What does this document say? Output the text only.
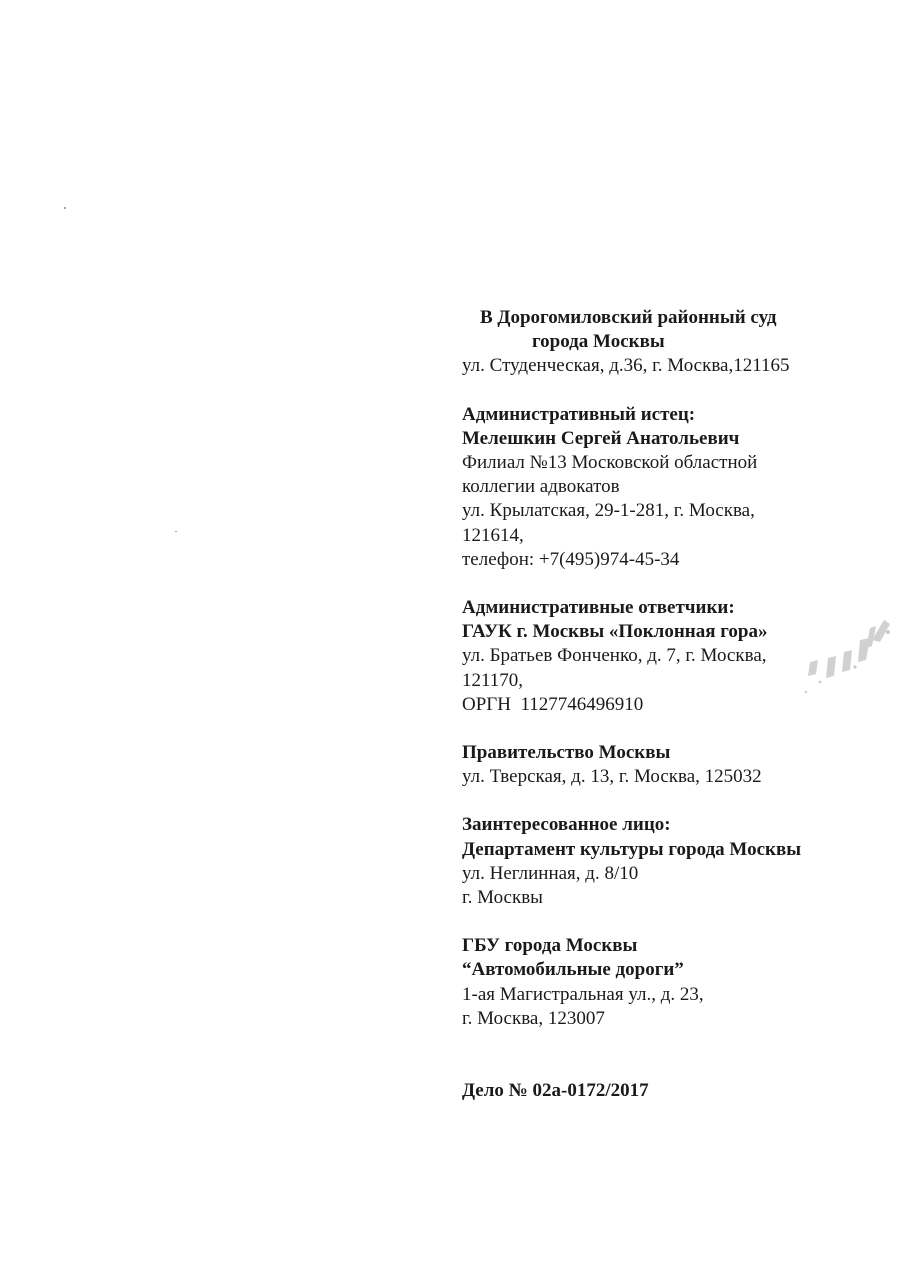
В Дорогомиловский районный суд
города Москвы
ул. Студенческая, д.36, г. Москва,121165
Административный истец:
Мелешкин Сергей Анатольевич
Филиал №13 Московской областной
коллегии адвокатов
ул. Крылатская, 29-1-281, г. Москва,
121614,
телефон: +7(495)974-45-34
Административные ответчики:
ГАУК г. Москвы «Поклонная гора»
ул. Братьев Фонченко, д. 7, г. Москва,
121170,
ОРГН  1127746496910
Правительство Москвы
ул. Тверская, д. 13, г. Москва, 125032
Заинтересованное лицо:
Департамент культуры города Москвы
ул. Неглинная, д. 8/10
г. Москвы
ГБУ города Москвы
“Автомобильные дороги”
1-ая Магистральная ул., д. 23,
г. Москва, 123007
Дело № 02а-0172/2017
